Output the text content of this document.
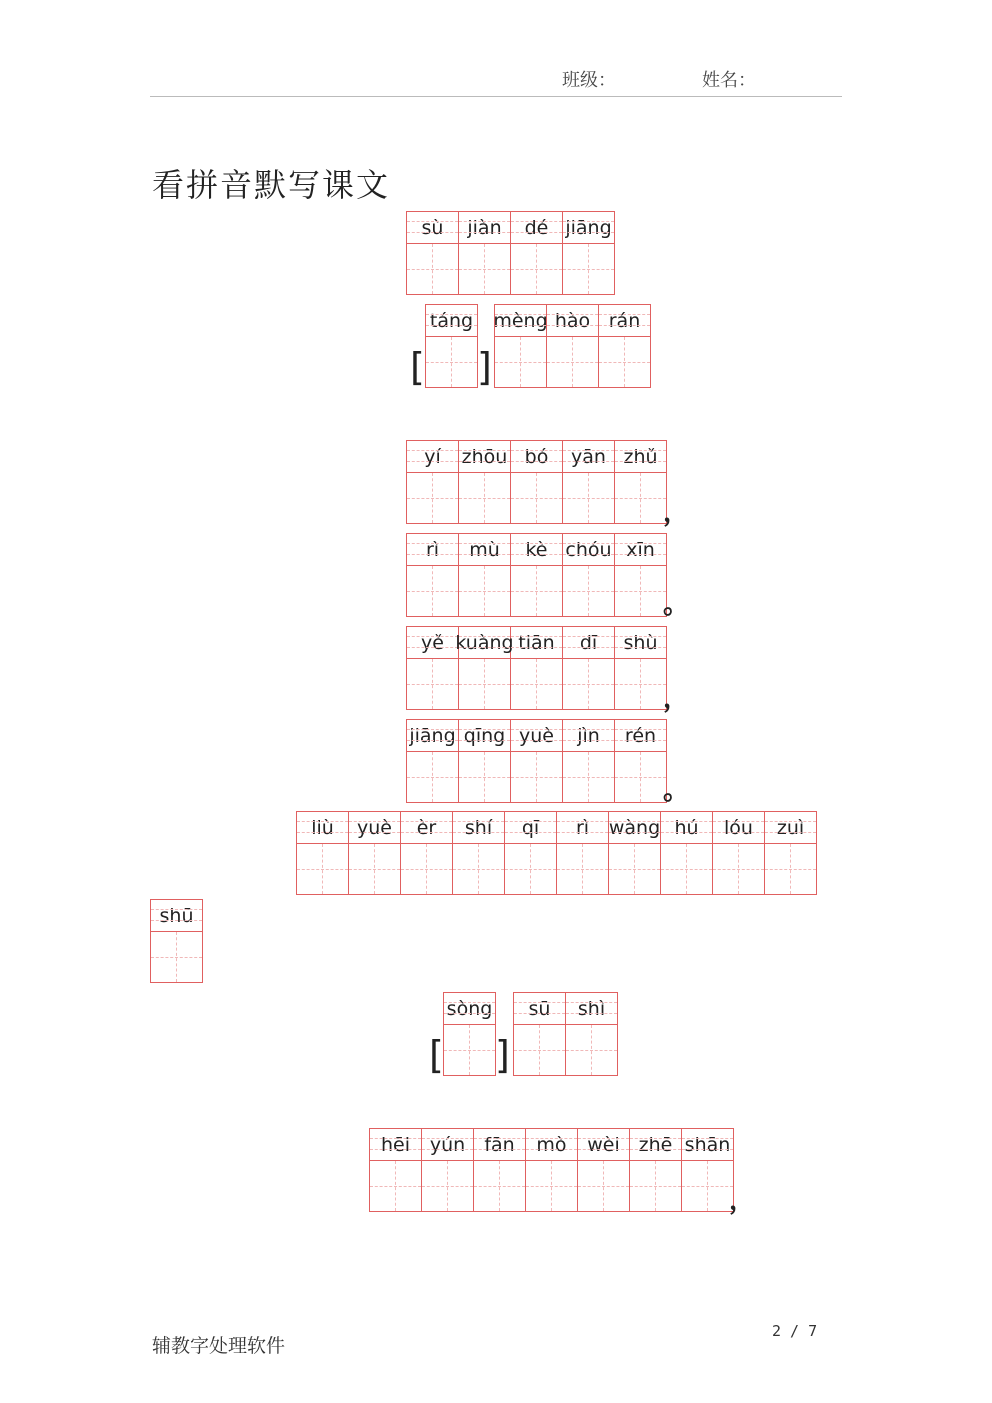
班级：	姓名：
看拼音默写课文
sù	jiàn	dé jiāng
[
táng
]
mèng hào rán
yí	zhōu bó	yān zhǔ
，
rì	mù	kè chóu xīn
。
yě kuàng tiān	dī	shù
，
jiāng qīng yuè	jìn	rén
。
liù	yuè	èr	shí	qī	rì	wàng hú	lóu	zuì
shū
[
sòng
]
sū	shì
hēi	yún	fān	mò	wèi zhē shān
，
辅教字处理软件
2 / 7
